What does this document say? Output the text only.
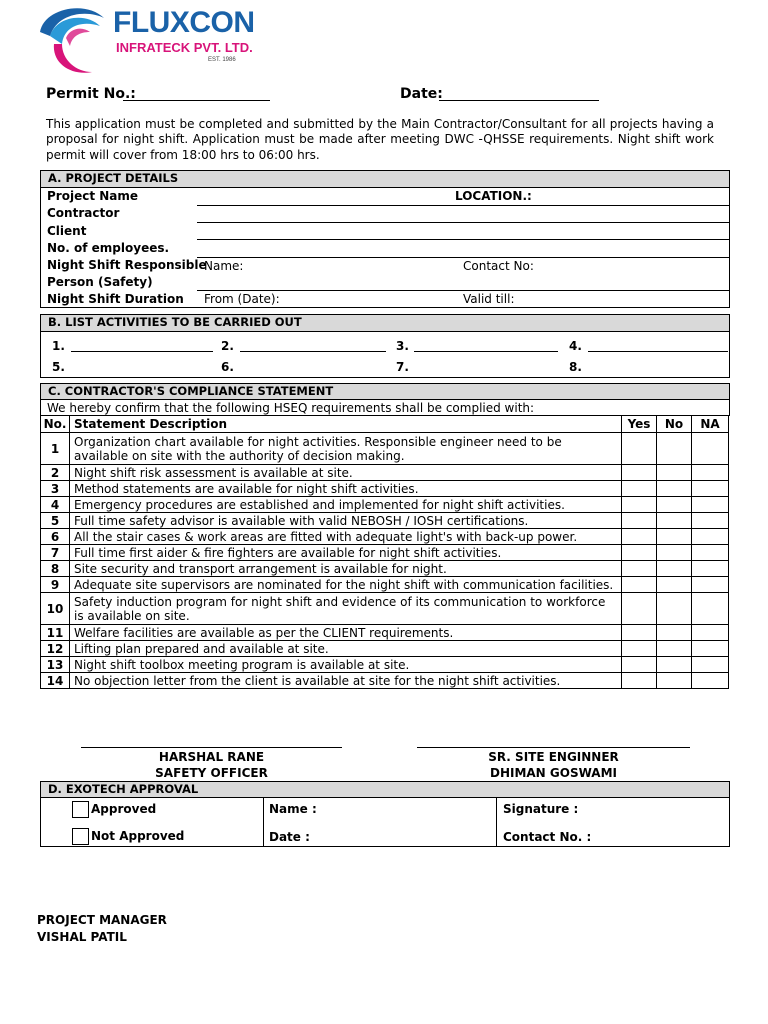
FLUXCON
INFRATECK PVT. LTD.
EST. 1986
Permit No.:	Date:
This application must be completed and submitted by the Main Contractor/Consultant for all projects having a proposal for night shift. Application must be made after meeting DWC -QHSSE requirements. Night shift work permit will cover from 18:00 hrs to 06:00 hrs.
A. PROJECT DETAILS
Project Name	LOCATION.:
Contractor
Client
No. of employees.
Night Shift Responsible
Person (Safety)
Name:	Contact No:
Night Shift Duration From (Date):	Valid till:
B. LIST ACTIVITIES TO BE CARRIED OUT
1.	2.	3.	4.
5.	6.	7.	8.
C. CONTRACTOR'S COMPLIANCE STATEMENT
We hereby confirm that the following HSEQ requirements shall be complied with:
No.	Statement Description	Yes	No	NA
1	Organization chart available for night activities. Responsible engineer need to be available on site with the authority of decision making.			
2	Night shift risk assessment is available at site.			
3	Method statements are available for night shift activities.			
4	Emergency procedures are established and implemented for night shift activities.			
5	Full time safety advisor is available with valid NEBOSH / IOSH certifications.			
6	All the stair cases & work areas are fitted with adequate light's with back-up power.			
7	Full time first aider & fire fighters are available for night shift activities.			
8	Site security and transport arrangement is available for night.			
9	Adequate site supervisors are nominated for the night shift with communication facilities.			
10	Safety induction program for night shift and evidence of its communication to workforce is available on site.			
11	Welfare facilities are available as per the CLIENT requirements.			
12	Lifting plan prepared and available at site.			
13	Night shift toolbox meeting program is available at site.			
14	No objection letter from the client is available at site for the night shift activities.			
HARSHAL RANE
SAFETY OFFICER
SR. SITE ENGINNER
DHIMAN GOSWAMI
D. EXOTECH APPROVAL
Approved
Not Approved
Name :
Date :
Signature :
Contact No. :
PROJECT MANAGER
VISHAL PATIL
